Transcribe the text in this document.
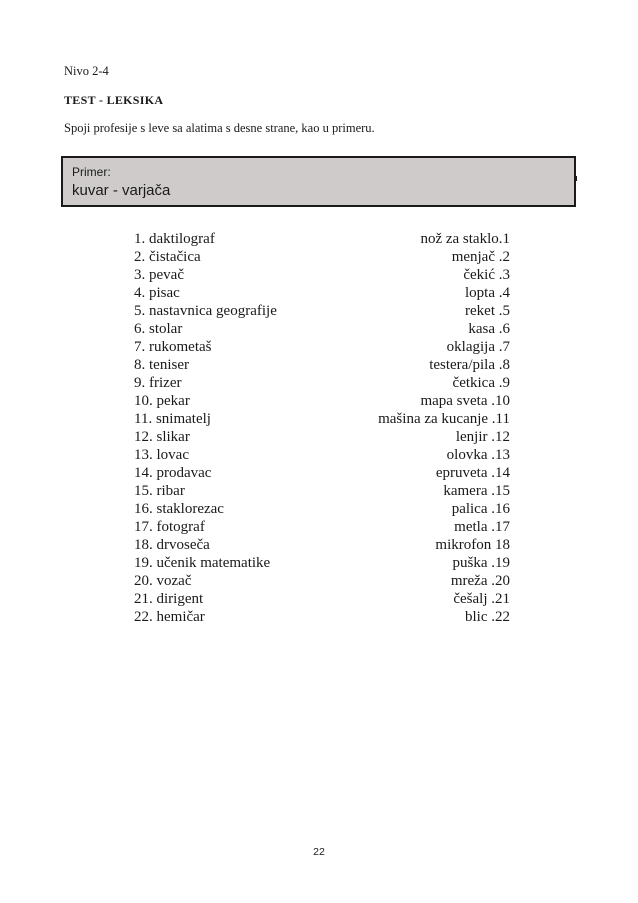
Nivo 2-4
TEST - LEKSIKA
Spoji profesije s leve sa alatima s desne strane, kao u primeru.
Primer:
kuvar - varjača
1. daktilograf
2. čistačica
3. pevač
4. pisac
5. nastavnica geografije
6. stolar
7. rukometaš
8. teniser
9. frizer
10. pekar
11. snimatelj
12. slikar
13. lovac
14. prodavac
15. ribar
16. staklorezac
17. fotograf
18. drvoseča
19. učenik matematike
20. vozač
21. dirigent
22. hemičar
nož za staklo.1
menjač .2
čekić .3
lopta .4
reket .5
kasa .6
oklagija .7
testera/pila .8
četkica .9
mapa sveta .10
mašina za kucanje .11
lenjir .12
olovka .13
epruveta .14
kamera .15
palica .16
metla .17
mikrofon 18
puška .19
mreža .20
češalj .21
blic .22
22
